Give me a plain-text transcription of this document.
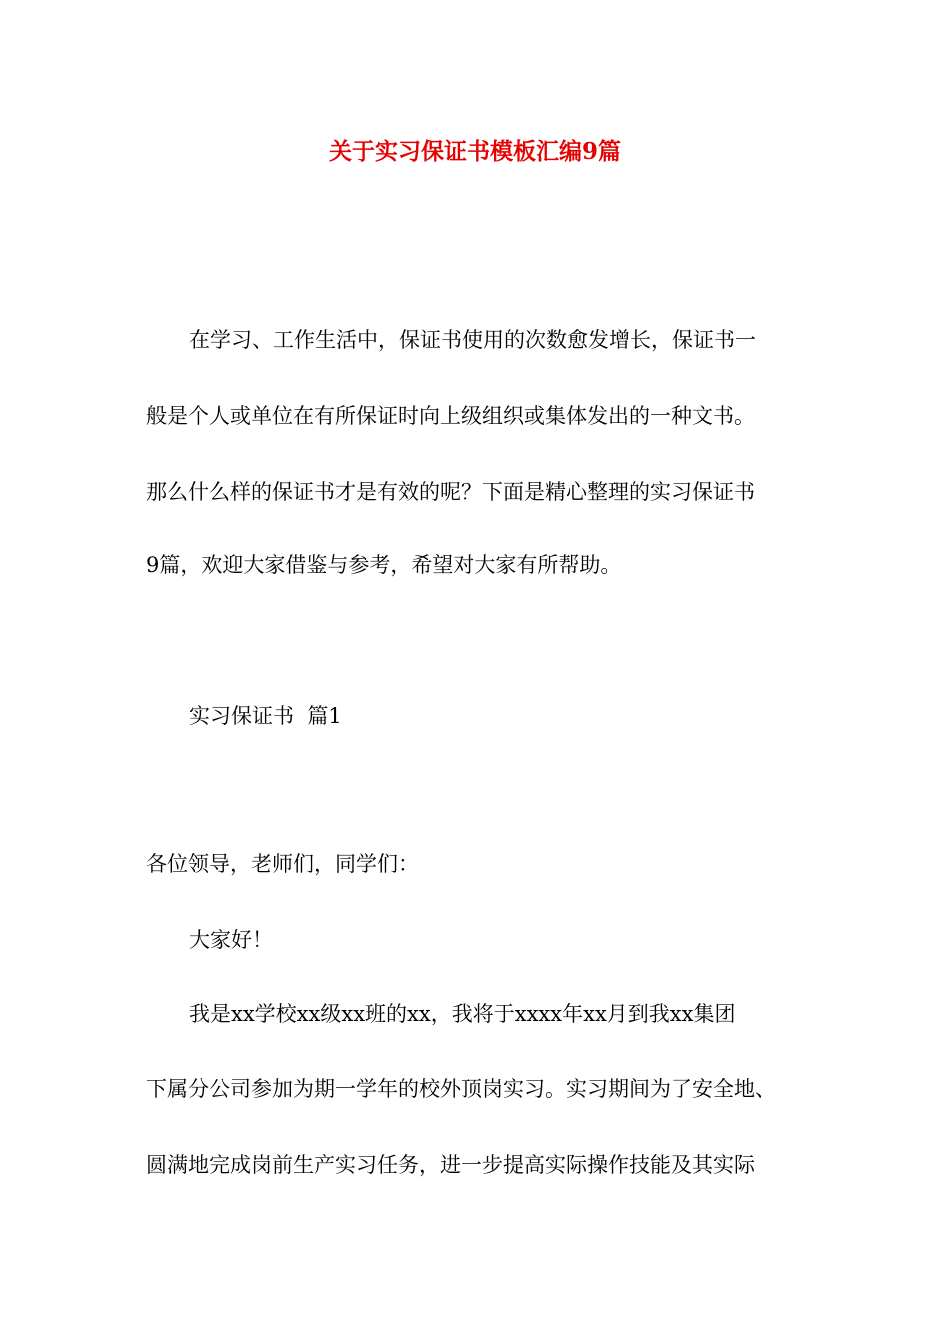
关于实习保证书模板汇编9篇
在学习、工作生活中，保证书使用的次数愈发增长，保证书一
般是个人或单位在有所保证时向上级组织或集体发出的一种文书。
那么什么样的保证书才是有效的呢？下面是精心整理的实习保证书
9篇，欢迎大家借鉴与参考，希望对大家有所帮助。
实习保证书  篇1
各位领导，老师们，同学们：
大家好！
我是xx学校xx级xx班的xx，我将于xxxx年xx月到我xx集团
下属分公司参加为期一学年的校外顶岗实习。实习期间为了安全地、
圆满地完成岗前生产实习任务，进一步提高实际操作技能及其实际
